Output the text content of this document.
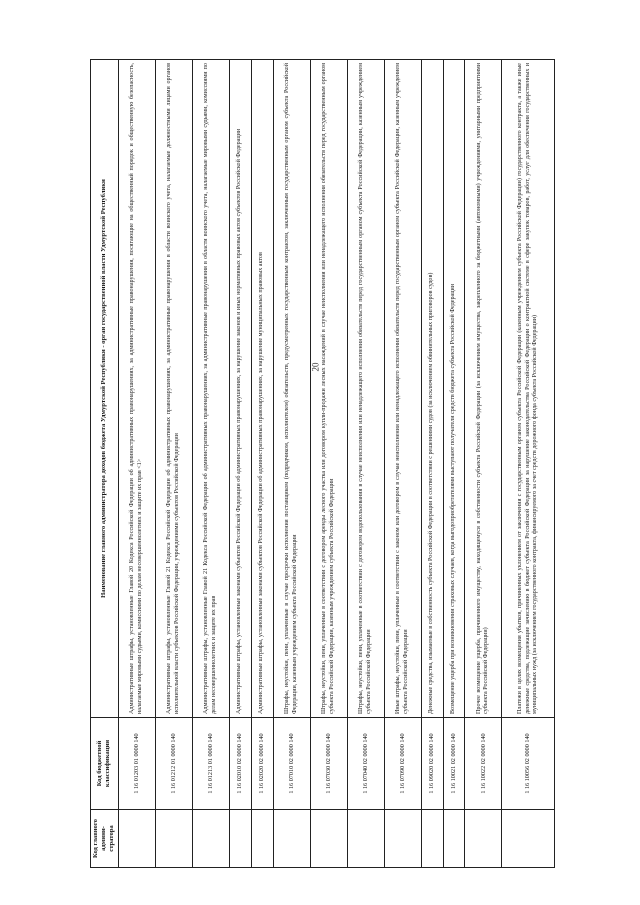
20
Код главного админи-стратора	Код бюджетной классификации	Наименование главного администратора доходов бюджета Удмуртской Республики - орган государственной власти Удмуртской Республики
	1 16 01203 01 0000 140	Административные штрафы, установленные Главой 20 Кодекса Российской Федерации об административных правонарушениях, за административные правонарушения, посягающие на общественный порядок и общественную безопасность, налагаемые мировыми судьями, комиссиями по делам несовершеннолетних и защите их прав <1>
	1 16 01212 01 0000 140	Административные штрафы, установленные Главой 21 Кодекса Российской Федерации об административных правонарушениях, за административные правонарушения в области воинского учета, налагаемые должностными лицами органов исполнительной власти субъектов Российской Федерации, учреждениями субъектов Российской Федерации
	1 16 01213 01 0000 140	Административные штрафы, установленные Главой 21 Кодекса Российской Федерации об административных правонарушениях, за административные правонарушения в области воинского учета, налагаемые мировыми судьями, комиссиями по делам несовершеннолетних и защите их прав
	1 16 02010 02 0000 140	Административные штрафы, установленные законами субъектов Российской Федерации об административных правонарушениях, за нарушение законов и иных нормативных правовых актов субъектов Российской Федерации
	1 16 02020 02 0000 140	Административные штрафы, установленные законами субъектов Российской Федерации об административных правонарушениях, за нарушение муниципальных правовых актов
	1 16 07010 02 0000 140	Штрафы, неустойки, пени, уплаченные в случае просрочки исполнения поставщиком (подрядчиком, исполнителем) обязательств, предусмотренных государственным контрактом, заключенным государственным органом субъекта Российской Федерации, казенным учреждением субъекта Российской Федерации
	1 16 07030 02 0000 140	Штрафы, неустойки, пени, уплаченные в соответствии с договором аренды лесного участка или договором купли-продажи лесных насаждений в случае неисполнения или ненадлежащего исполнения обязательств перед государственным органом субъекта Российской Федерации, казенным учреждением субъекта Российской Федерации
	1 16 07040 02 0000 140	Штрафы, неустойки, пени, уплаченные в соответствии с договором водопользования в случае неисполнения или ненадлежащего исполнения обязательств перед государственным органом субъекта Российской Федерации, казенным учреждением субъекта Российской Федерации
	1 16 07090 02 0000 140	Иные штрафы, неустойки, пени, уплаченные в соответствии с законом или договором в случае неисполнения или ненадлежащего исполнения обязательств перед государственным органом субъекта Российской Федерации, казенным учреждением субъекта Российской Федерации
	1 16 09020 02 0000 140	Денежные средства, изымаемые в собственность субъекта Российской Федерации в соответствии с решениями судов (за исключением обвинительных приговоров судов)
	1 16 10021 02 0000 140	Возмещение ущерба при возникновении страховых случаев, когда выгодоприобретателями выступают получатели средств бюджета субъекта Российской Федерации
	1 16 10022 02 0000 140	Прочее возмещение ущерба, причиненного имуществу, находящемуся в собственности субъекта Российской Федерации (за исключением имущества, закрепленного за бюджетными (автономными) учреждениями, унитарными предприятиями субъекта Российской Федерации)
	1 16 10056 02 0000 140	Платежи в целях возмещения убытков, причиненных уклонением от заключения с государственным органом субъекта Российской Федерации (казенным учреждением субъекта Российской Федерации) государственного контракта, а также иные денежные средства, подлежащие зачислению в бюджет субъекта Российской Федерации за нарушение законодательства Российской Федерации о контрактной системе в сфере закупок товаров, работ, услуг для обеспечения государственных и муниципальных нужд (за исключением государственного контракта, финансируемого за счет средств дорожного фонда субъекта Российской Федерации)
